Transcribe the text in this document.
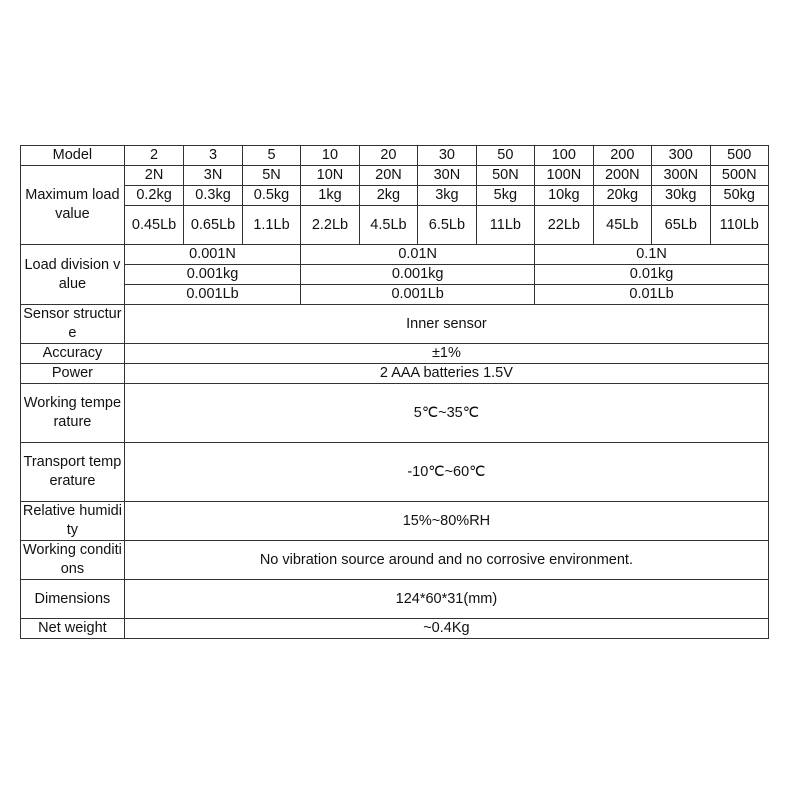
Model	2	3	5	10	20	30	50	100	200	300	500
Maximum load value	2N	3N	5N	10N	20N	30N	50N	100N	200N	300N	500N
	0.2kg	0.3kg	0.5kg	1kg	2kg	3kg	5kg	10kg	20kg	30kg	50kg
	0.45Lb	0.65Lb	1.1Lb	2.2Lb	4.5Lb	6.5Lb	11Lb	22Lb	45Lb	65Lb	110Lb
Load division value	0.001N			0.01N				0.1N			
	0.001kg			0.001kg				0.01kg			
	0.001Lb			0.001Lb				0.01Lb			
Sensor structure	Inner sensor										
Accuracy	±1%										
Power	2 AAA batteries 1.5V										
Working temperature	5℃~35℃										
Transport temperature	-10℃~60℃										
Relative humidity	15%~80%RH										
Working conditions	No vibration source around and no corrosive environment.										
Dimensions	124*60*31(mm)										
Net weight	~0.4Kg										
